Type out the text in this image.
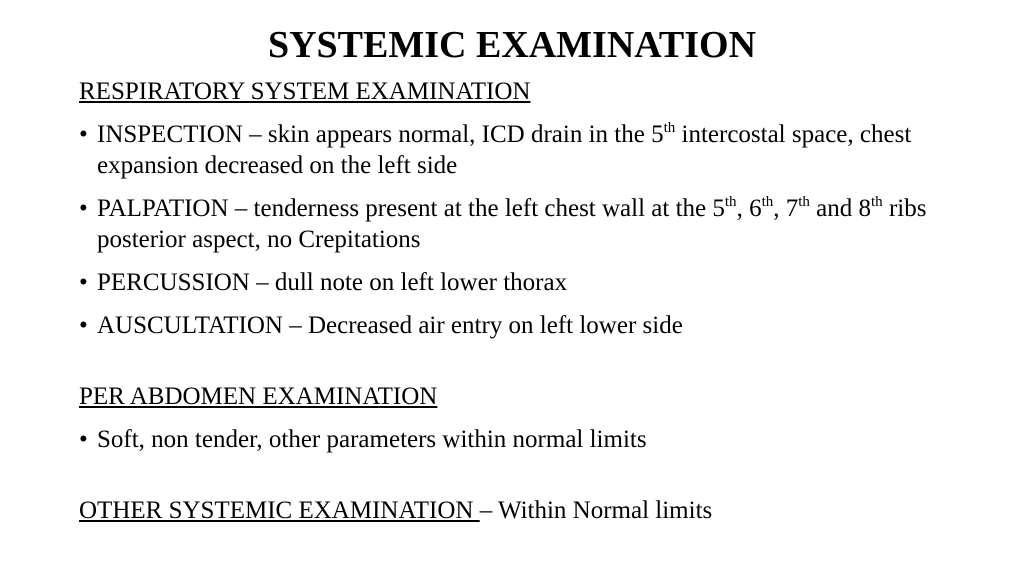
SYSTEMIC EXAMINATION

RESPIRATORY SYSTEM EXAMINATION

• INSPECTION – skin appears normal, ICD drain in the 5th intercostal space, chest expansion decreased on the left side

• PALPATION – tenderness present at the left chest wall at the 5th, 6th, 7th and 8th ribs posterior aspect, no Crepitations

• PERCUSSION – dull note on left lower thorax

• AUSCULTATION – Decreased air entry on left lower side

PER ABDOMEN EXAMINATION

• Soft, non tender, other parameters within normal limits

OTHER SYSTEMIC EXAMINATION – Within Normal limits
